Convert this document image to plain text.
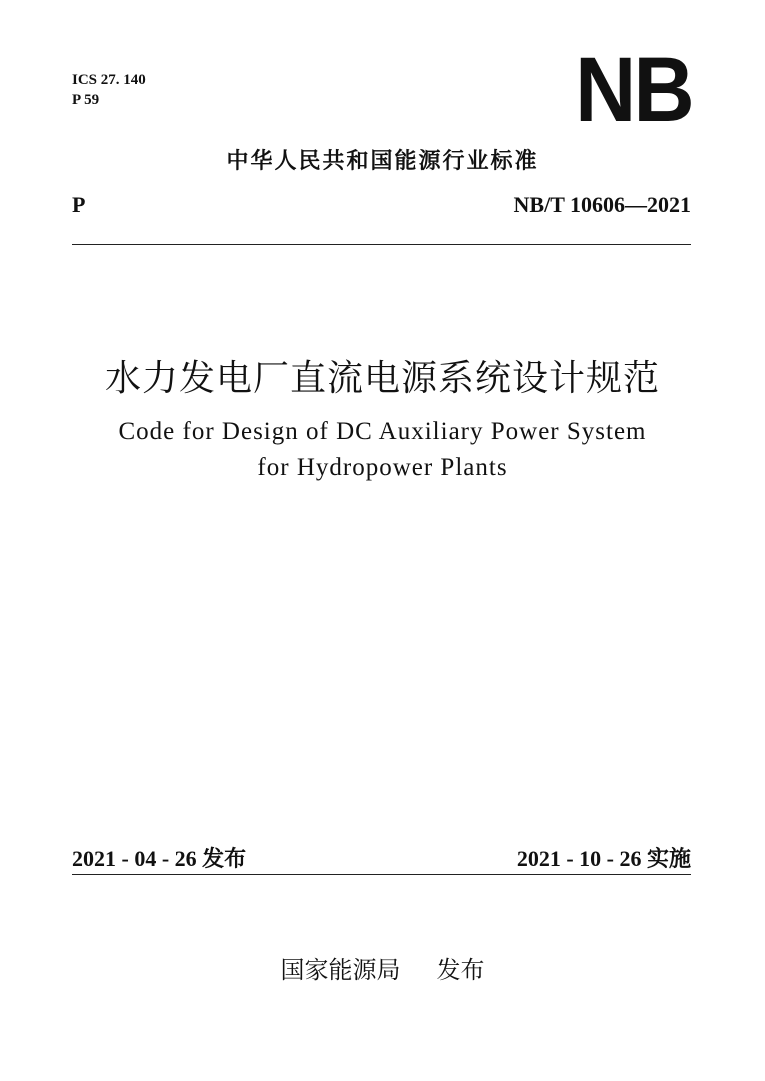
ICS 27. 140
P 59	NB
中华人民共和国能源行业标准
P	NB/T 10606—2021
水力发电厂直流电源系统设计规范
Code for Design of DC Auxiliary Power System
for Hydropower Plants
2021 - 04 - 26 发布	2021 - 10 - 26 实施
国家能源局 发布
